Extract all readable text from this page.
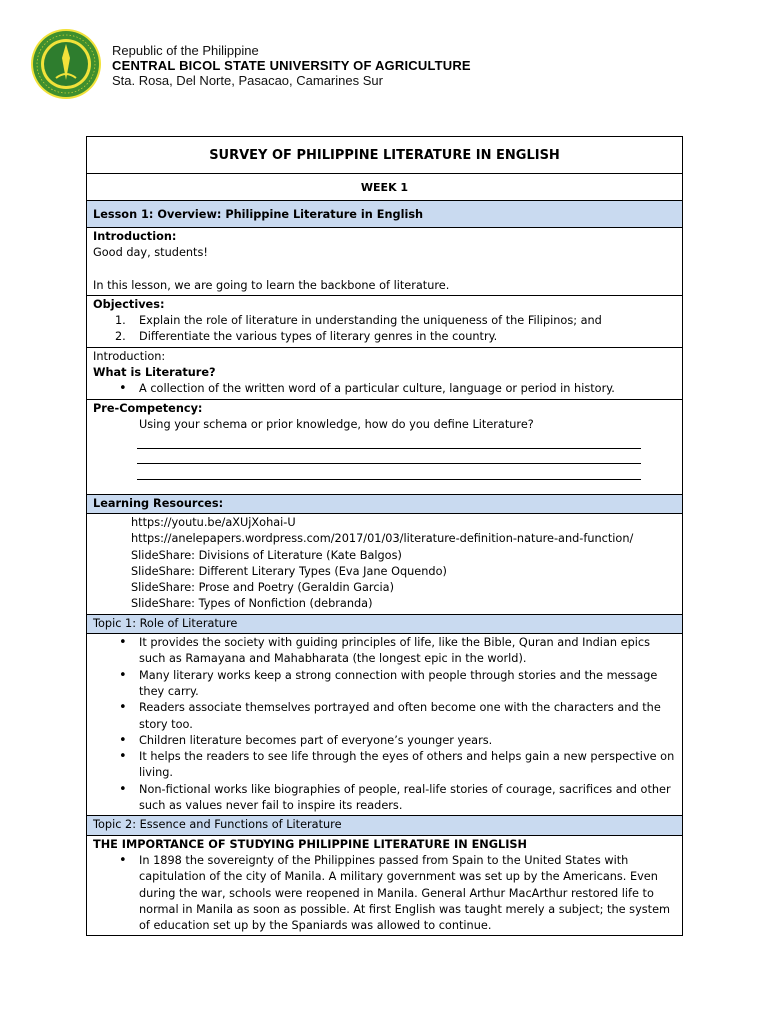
Republic of the Philippine
CENTRAL BICOL STATE UNIVERSITY OF AGRICULTURE
Sta. Rosa, Del Norte, Pasacao, Camarines Sur
SURVEY OF PHILIPPINE LITERATURE IN ENGLISH
WEEK 1
Lesson 1: Overview: Philippine Literature in English
Introduction:
Good day, students!
In this lesson, we are going to learn the backbone of literature.
Objectives:
1. Explain the role of literature in understanding the uniqueness of the Filipinos; and
2. Differentiate the various types of literary genres in the country.
Introduction:
What is Literature?
• A collection of the written word of a particular culture, language or period in history.
Pre-Competency:
Using your schema or prior knowledge, how do you define Literature?
Learning Resources:
https://youtu.be/aXUjXohai-U
https://anelepapers.wordpress.com/2017/01/03/literature-definition-nature-and-function/
SlideShare: Divisions of Literature (Kate Balgos)
SlideShare: Different Literary Types (Eva Jane Oquendo)
SlideShare: Prose and Poetry (Geraldin Garcia)
SlideShare: Types of Nonfiction (debranda)
Topic 1: Role of Literature
• It provides the society with guiding principles of life, like the Bible, Quran and Indian epics such as Ramayana and Mahabharata (the longest epic in the world).
• Many literary works keep a strong connection with people through stories and the message they carry.
• Readers associate themselves portrayed and often become one with the characters and the story too.
• Children literature becomes part of everyone’s younger years.
• It helps the readers to see life through the eyes of others and helps gain a new perspective on living.
• Non-fictional works like biographies of people, real-life stories of courage, sacrifices and other such as values never fail to inspire its readers.
Topic 2: Essence and Functions of Literature
THE IMPORTANCE OF STUDYING PHILIPPINE LITERATURE IN ENGLISH
• In 1898 the sovereignty of the Philippines passed from Spain to the United States with capitulation of the city of Manila. A military government was set up by the Americans. Even during the war, schools were reopened in Manila. General Arthur MacArthur restored life to normal in Manila as soon as possible. At first English was taught merely a subject; the system of education set up by the Spaniards was allowed to continue.
